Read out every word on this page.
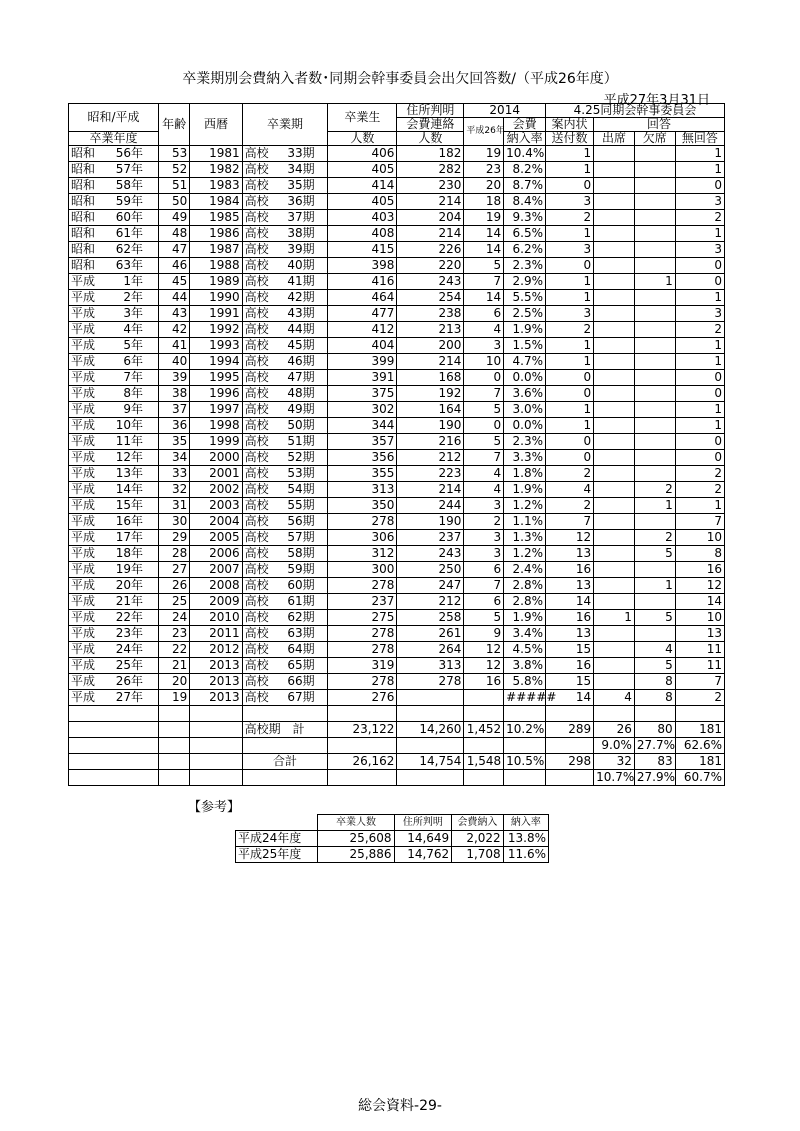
卒業期別会費納入者数･同期会幹事委員会出欠回答数/（平成26年度）
平成27年3月31日
昭和/平成	年齢	西暦	卒業期	卒業生	住所判明	2014		4.25同期会幹事委員会			
					会費連絡	平成26年	会費	案内状	回答		
卒業年度				人数	人数		納入率	送付数	出席	欠席	無回答
昭和 56年	53	1981	高校 33期	406	182	19	10.4%	1			1
昭和 57年	52	1982	高校 34期	405	282	23	8.2%	1			1
昭和 58年	51	1983	高校 35期	414	230	20	8.7%	0			0
昭和 59年	50	1984	高校 36期	405	214	18	8.4%	3			3
昭和 60年	49	1985	高校 37期	403	204	19	9.3%	2			2
昭和 61年	48	1986	高校 38期	408	214	14	6.5%	1			1
昭和 62年	47	1987	高校 39期	415	226	14	6.2%	3			3
昭和 63年	46	1988	高校 40期	398	220	5	2.3%	0			0
平成 1年	45	1989	高校 41期	416	243	7	2.9%	1		1	0
平成 2年	44	1990	高校 42期	464	254	14	5.5%	1			1
平成 3年	43	1991	高校 43期	477	238	6	2.5%	3			3
平成 4年	42	1992	高校 44期	412	213	4	1.9%	2			2
平成 5年	41	1993	高校 45期	404	200	3	1.5%	1			1
平成 6年	40	1994	高校 46期	399	214	10	4.7%	1			1
平成 7年	39	1995	高校 47期	391	168	0	0.0%	0			0
平成 8年	38	1996	高校 48期	375	192	7	3.6%	0			0
平成 9年	37	1997	高校 49期	302	164	5	3.0%	1			1
平成 10年	36	1998	高校 50期	344	190	0	0.0%	1			1
平成 11年	35	1999	高校 51期	357	216	5	2.3%	0			0
平成 12年	34	2000	高校 52期	356	212	7	3.3%	0			0
平成 13年	33	2001	高校 53期	355	223	4	1.8%	2			2
平成 14年	32	2002	高校 54期	313	214	4	1.9%	4		2	2
平成 15年	31	2003	高校 55期	350	244	3	1.2%	2		1	1
平成 16年	30	2004	高校 56期	278	190	2	1.1%	7			7
平成 17年	29	2005	高校 57期	306	237	3	1.3%	12		2	10
平成 18年	28	2006	高校 58期	312	243	3	1.2%	13		5	8
平成 19年	27	2007	高校 59期	300	250	6	2.4%	16			16
平成 20年	26	2008	高校 60期	278	247	7	2.8%	13		1	12
平成 21年	25	2009	高校 61期	237	212	6	2.8%	14			14
平成 22年	24	2010	高校 62期	275	258	5	1.9%	16	1	5	10
平成 23年	23	2011	高校 63期	278	261	9	3.4%	13			13
平成 24年	22	2012	高校 64期	278	264	12	4.5%	15		4	11
平成 25年	21	2013	高校 65期	319	313	12	3.8%	16		5	11
平成 26年	20	2013	高校 66期	278	278	16	5.8%	15		8	7
平成 27年	19	2013	高校 67期	276			#####	14	4	8	2

			高校期　計	23,122	14,260	1,452	10.2%	289	26	80	181
									9.0%	27.7%	62.6%
			合計	26,162	14,754	1,548	10.5%	298	32	83	181
									10.7%	27.9%	60.7%
【参考】
	卒業人数	住所判明	会費納入	納入率
平成24年度	25,608	14,649	2,022	13.8%
平成25年度	25,886	14,762	1,708	11.6%
総会資料-29-
